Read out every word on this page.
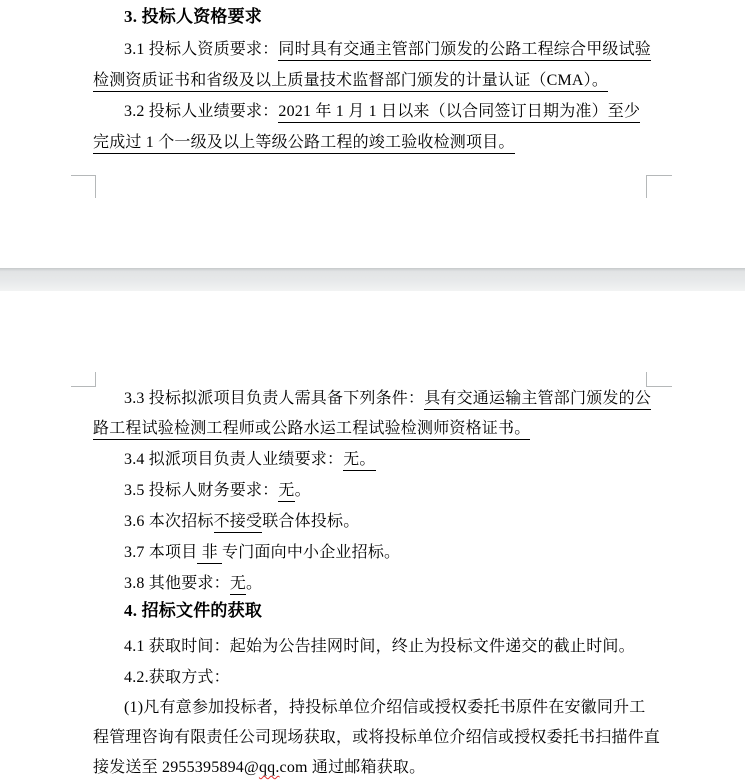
3. 投标人资格要求
3.1 投标人资质要求：同时具有交通主管部门颁发的公路工程综合甲级试验
检测资质证书和省级及以上质量技术监督部门颁发的计量认证（CMA）。
3.2 投标人业绩要求：2021 年 1 月 1 日以来（以合同签订日期为准）至少
完成过 1 个一级及以上等级公路工程的竣工验收检测项目。
3.3 投标拟派项目负责人需具备下列条件：具有交通运输主管部门颁发的公
路工程试验检测工程师或公路水运工程试验检测师资格证书。
3.4 拟派项目负责人业绩要求：无。
3.5 投标人财务要求：无。
3.6 本次招标不接受联合体投标。
3.7 本项目 非 专门面向中小企业招标。
3.8 其他要求：无。
4. 招标文件的获取
4.1 获取时间：起始为公告挂网时间，终止为投标文件递交的截止时间。
4.2.获取方式：
(1)凡有意参加投标者，持投标单位介绍信或授权委托书原件在安徽同升工
程管理咨询有限责任公司现场获取，或将投标单位介绍信或授权委托书扫描件直
接发送至 2955395894@qq.com 通过邮箱获取。
